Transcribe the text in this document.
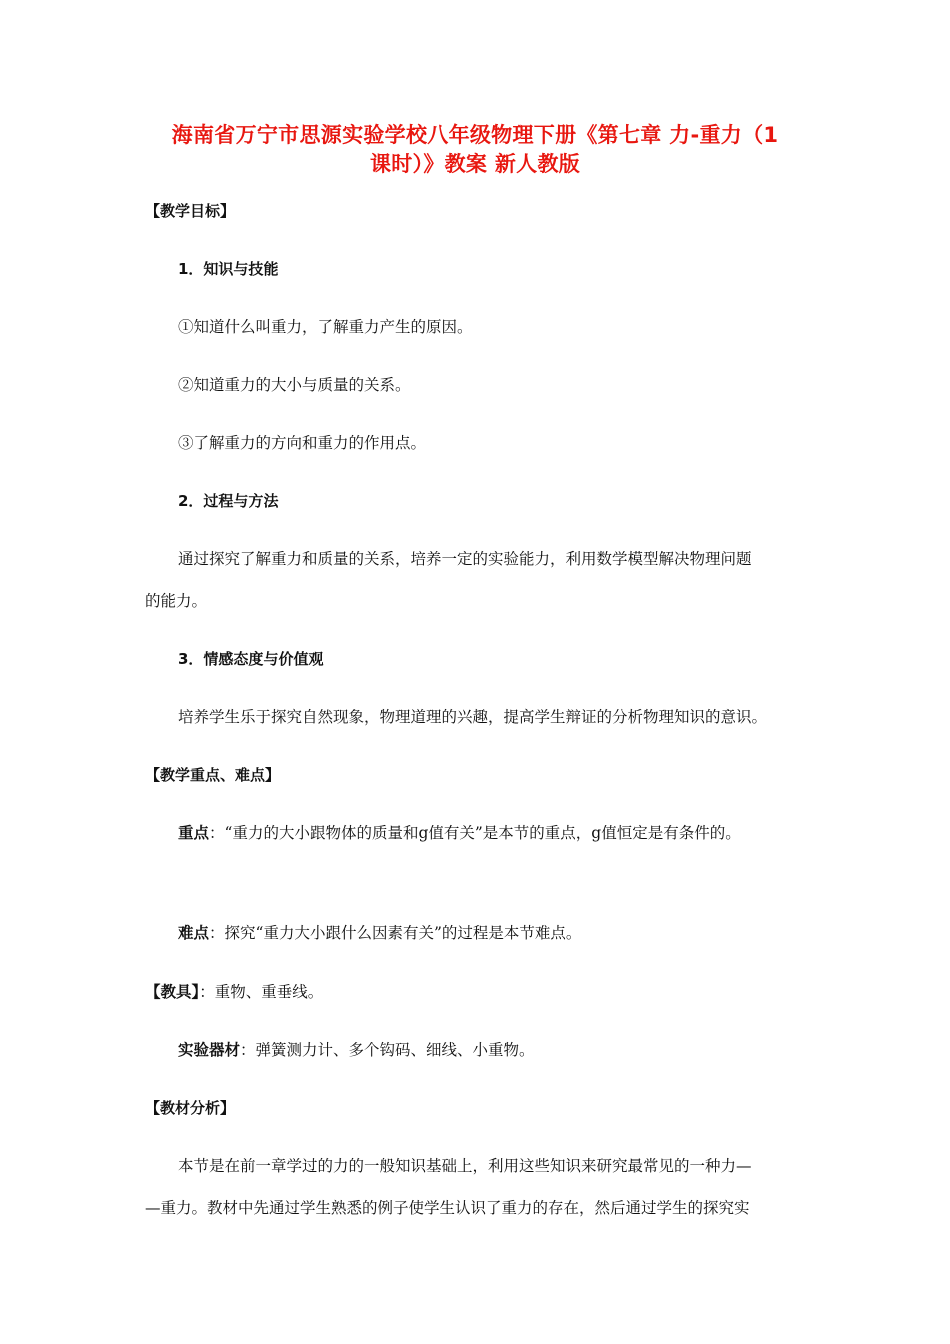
海南省万宁市思源实验学校八年级物理下册《第七章 力-重力（1
课时）》教案 新人教版
【教学目标】
1．知识与技能
①知道什么叫重力，了解重力产生的原因。
②知道重力的大小与质量的关系。
③了解重力的方向和重力的作用点。
2．过程与方法
通过探究了解重力和质量的关系，培养一定的实验能力，利用数学模型解决物理问题
的能力。
3．情感态度与价值观
培养学生乐于探究自然现象，物理道理的兴趣，提高学生辩证的分析物理知识的意识。
【教学重点、难点】
重点：“重力的大小跟物体的质量和g值有关”是本节的重点，g值恒定是有条件的。
难点：探究“重力大小跟什么因素有关”的过程是本节难点。
【教具】：重物、重垂线。
实验器材：弹簧测力计、多个钩码、细线、小重物。
【教材分析】
本节是在前一章学过的力的一般知识基础上，利用这些知识来研究最常见的一种力—
—重力。教材中先通过学生熟悉的例子使学生认识了重力的存在，然后通过学生的探究实
